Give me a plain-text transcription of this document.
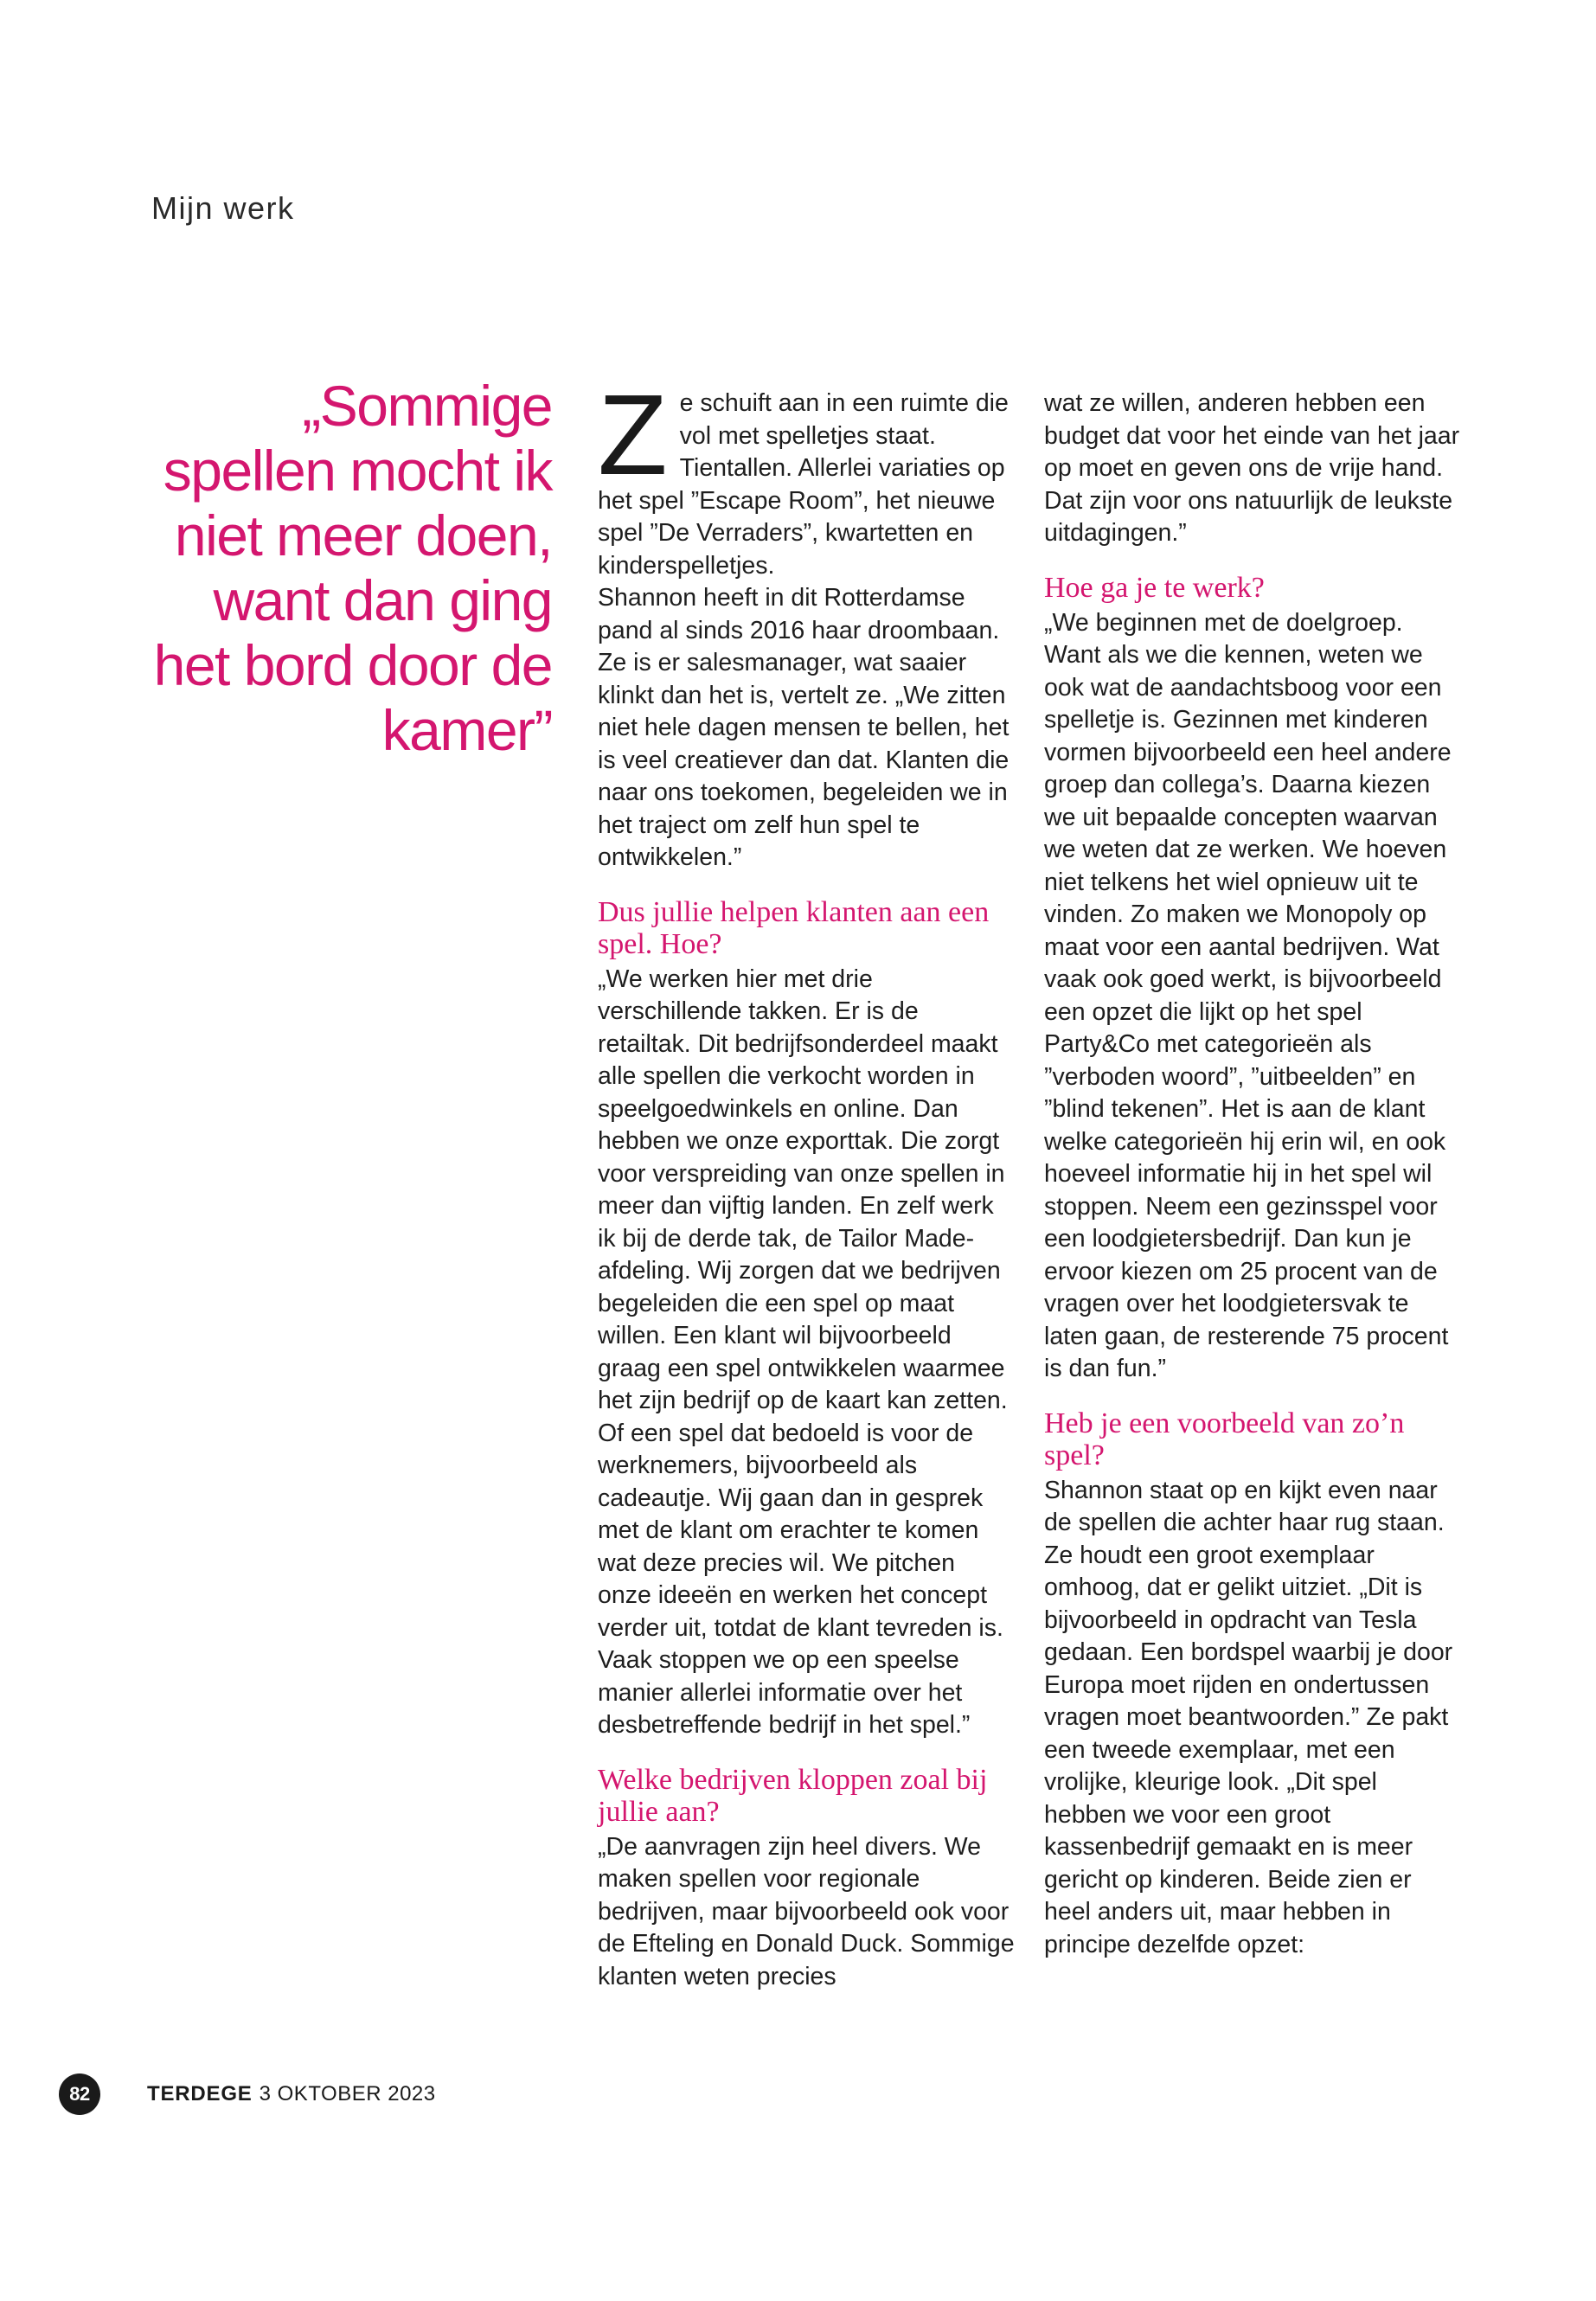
Mijn werk
„Sommige spellen mocht ik niet meer doen, want dan ging het bord door de kamer”

Ze schuift aan in een ruimte die vol met spelletjes staat. Tientallen. Allerlei variaties op het spel ”Escape Room”, het nieuwe spel ”De Verraders”, kwartetten en kinderspelletjes.

Shannon heeft in dit Rotterdamse pand al sinds 2016 haar droombaan. Ze is er salesmanager, wat saaier klinkt dan het is, vertelt ze. „We zitten niet hele dagen mensen te bellen, het is veel creatiever dan dat. Klanten die naar ons toekomen, begeleiden we in het traject om zelf hun spel te ontwikkelen.”

Dus jullie helpen klanten aan een spel. Hoe?

„We werken hier met drie verschillende takken. Er is de retailtak. Dit bedrijfsonderdeel maakt alle spellen die verkocht worden in speelgoedwinkels en online. Dan hebben we onze exporttak. Die zorgt voor verspreiding van onze spellen in meer dan vijftig landen. En zelf werk ik bij de derde tak, de Tailor Made-afdeling. Wij zorgen dat we bedrijven begeleiden die een spel op maat willen. Een klant wil bijvoorbeeld graag een spel ontwikkelen waarmee het zijn bedrijf op de kaart kan zetten. Of een spel dat bedoeld is voor de werknemers, bijvoorbeeld als cadeautje. Wij gaan dan in gesprek met de klant om erachter te komen wat deze precies wil. We pitchen onze ideeën en werken het concept verder uit, totdat de klant tevreden is. Vaak stoppen we op een speelse manier allerlei informatie over het desbetreffende bedrijf in het spel.”

Welke bedrijven kloppen zoal bij jullie aan?

„De aanvragen zijn heel divers. We maken spellen voor regionale bedrijven, maar bijvoorbeeld ook voor de Efteling en Donald Duck. Sommige klanten weten precies

wat ze willen, anderen hebben een budget dat voor het einde van het jaar op moet en geven ons de vrije hand. Dat zijn voor ons natuurlijk de leukste uitdagingen.”

Hoe ga je te werk?

„We beginnen met de doelgroep. Want als we die kennen, weten we ook wat de aandachtsboog voor een spelletje is. Gezinnen met kinderen vormen bijvoorbeeld een heel andere groep dan collega’s. Daarna kiezen we uit bepaalde concepten waarvan we weten dat ze werken. We hoeven niet telkens het wiel opnieuw uit te vinden. Zo maken we Monopoly op maat voor een aantal bedrijven. Wat vaak ook goed werkt, is bijvoorbeeld een opzet die lijkt op het spel Party&Co met categorieën als ”verboden woord”, ”uitbeelden” en ”blind tekenen”. Het is aan de klant welke categorieën hij erin wil, en ook hoeveel informatie hij in het spel wil stoppen. Neem een gezinsspel voor een loodgietersbedrijf. Dan kun je ervoor kiezen om 25 procent van de vragen over het loodgietersvak te laten gaan, de resterende 75 procent is dan fun.”

Heb je een voorbeeld van zo’n spel?

Shannon staat op en kijkt even naar de spellen die achter haar rug staan. Ze houdt een groot exemplaar omhoog, dat er gelikt uitziet. „Dit is bijvoorbeeld in opdracht van Tesla gedaan. Een bordspel waarbij je door Europa moet rijden en ondertussen vragen moet beantwoorden.” Ze pakt een tweede exemplaar, met een vrolijke, kleurige look. „Dit spel hebben we voor een groot kassenbedrijf gemaakt en is meer gericht op kinderen. Beide zien er heel anders uit, maar hebben in principe dezelfde opzet:

82	TERDEGE 3 OKTOBER 2023
